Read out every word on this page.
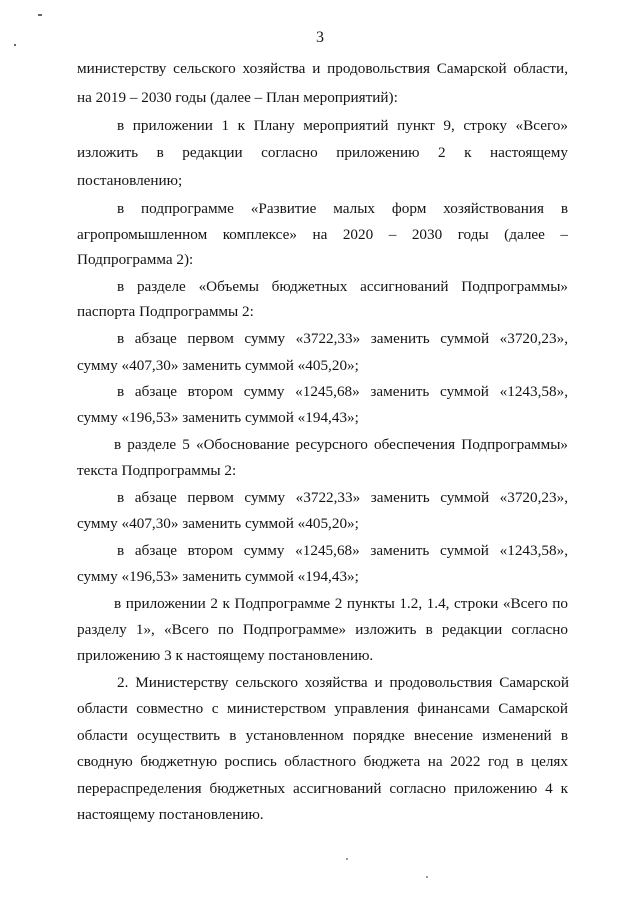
3
министерству сельского хозяйства и продовольствия Самарской области,
на 2019 – 2030 годы (далее – План мероприятий):
в приложении 1 к Плану мероприятий пункт 9, строку «Всего»
изложить в редакции согласно приложению 2 к настоящему
постановлению;
в подпрограмме «Развитие малых форм хозяйствования в
агропромышленном комплексе» на 2020 – 2030 годы (далее –
Подпрограмма 2):
в разделе «Объемы бюджетных ассигнований Подпрограммы»
паспорта Подпрограммы 2:
в абзаце первом сумму «3722,33» заменить суммой «3720,23»,
сумму «407,30» заменить суммой «405,20»;
в абзаце втором сумму «1245,68» заменить суммой «1243,58»,
сумму «196,53» заменить суммой «194,43»;
в разделе 5 «Обоснование ресурсного обеспечения Подпрограммы»
текста Подпрограммы 2:
в абзаце первом сумму «3722,33» заменить суммой «3720,23»,
сумму «407,30» заменить суммой «405,20»;
в абзаце втором сумму «1245,68» заменить суммой «1243,58»,
сумму «196,53» заменить суммой «194,43»;
в приложении 2 к Подпрограмме 2 пункты 1.2, 1.4, строки «Всего по
разделу 1», «Всего по Подпрограмме» изложить в редакции согласно
приложению 3 к настоящему постановлению.
2. Министерству сельского хозяйства и продовольствия Самарской
области совместно с министерством управления финансами Самарской
области осуществить в установленном порядке внесение изменений в
сводную бюджетную роспись областного бюджета на 2022 год в целях
перераспределения бюджетных ассигнований согласно приложению 4 к
настоящему постановлению.
